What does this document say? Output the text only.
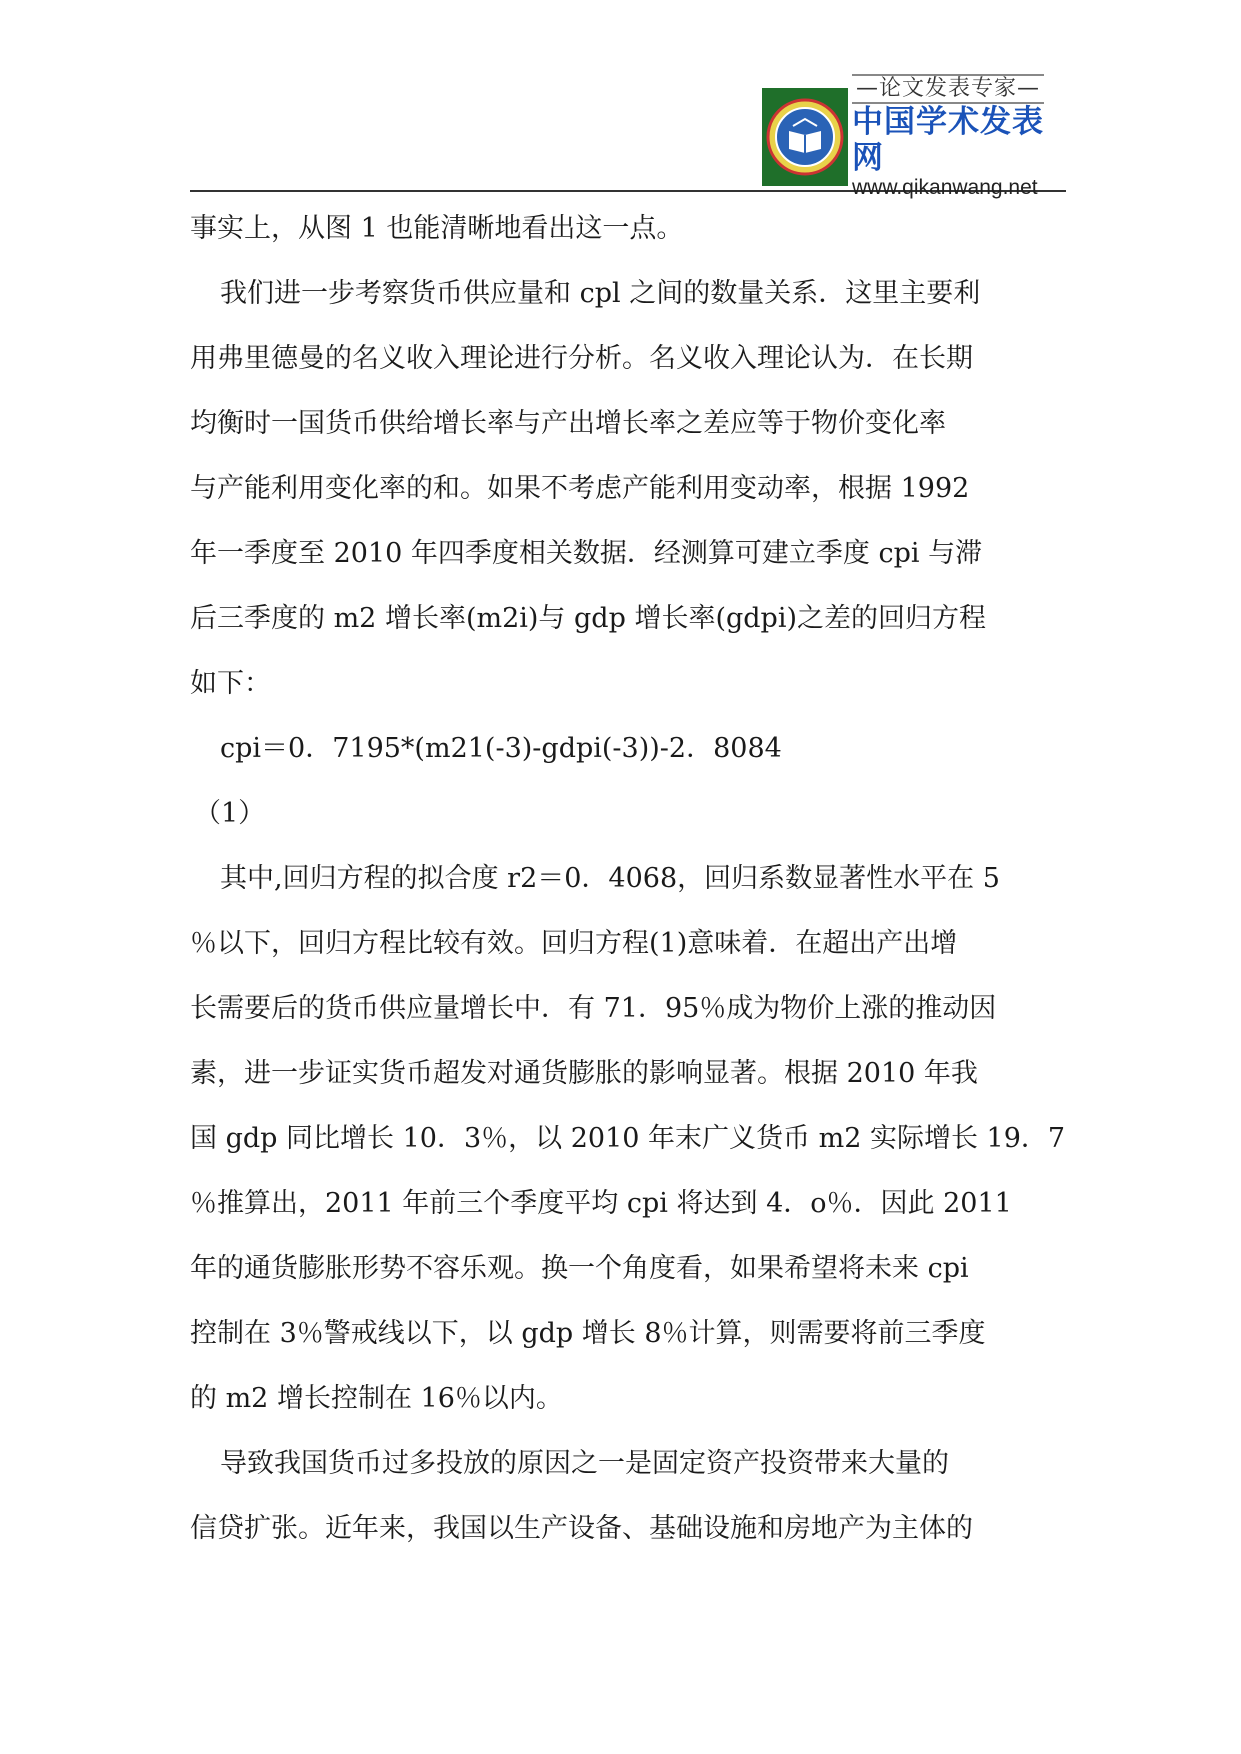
—论文发表专家—
中国学术发表网
www.qikanwang.net

事实上，从图 1 也能清晰地看出这一点。

我们进一步考察货币供应量和 cpl 之间的数量关系．这里主要利

用弗里德曼的名义收入理论进行分析。名义收入理论认为．在长期

均衡时一国货币供给增长率与产出增长率之差应等于物价变化率

与产能利用变化率的和。如果不考虑产能利用变动率，根据 1992

年一季度至 2010 年四季度相关数据．经测算可建立季度 cpi 与滞

后三季度的 m2 增长率(m2i)与 gdp 增长率(gdpi)之差的回归方程

如下：

cpi＝0．7195*(m21(-3)-gdpi(-3))-2．8084

（1）

其中,回归方程的拟合度 r2＝0．4068，回归系数显著性水平在 5

％以下，回归方程比较有效。回归方程(1)意味着．在超出产出增

长需要后的货币供应量增长中．有 71．95％成为物价上涨的推动因

素，进一步证实货币超发对通货膨胀的影响显著。根据 2010 年我

国 gdp 同比增长 10．3％，以 2010 年末广义货币 m2 实际增长 19．7

％推算出，2011 年前三个季度平均 cpi 将达到 4．o％．因此 2011

年的通货膨胀形势不容乐观。换一个角度看，如果希望将未来 cpi

控制在 3％警戒线以下，以 gdp 增长 8％计算，则需要将前三季度

的 m2 增长控制在 16％以内。

导致我国货币过多投放的原因之一是固定资产投资带来大量的

信贷扩张。近年来，我国以生产设备、基础设施和房地产为主体的
